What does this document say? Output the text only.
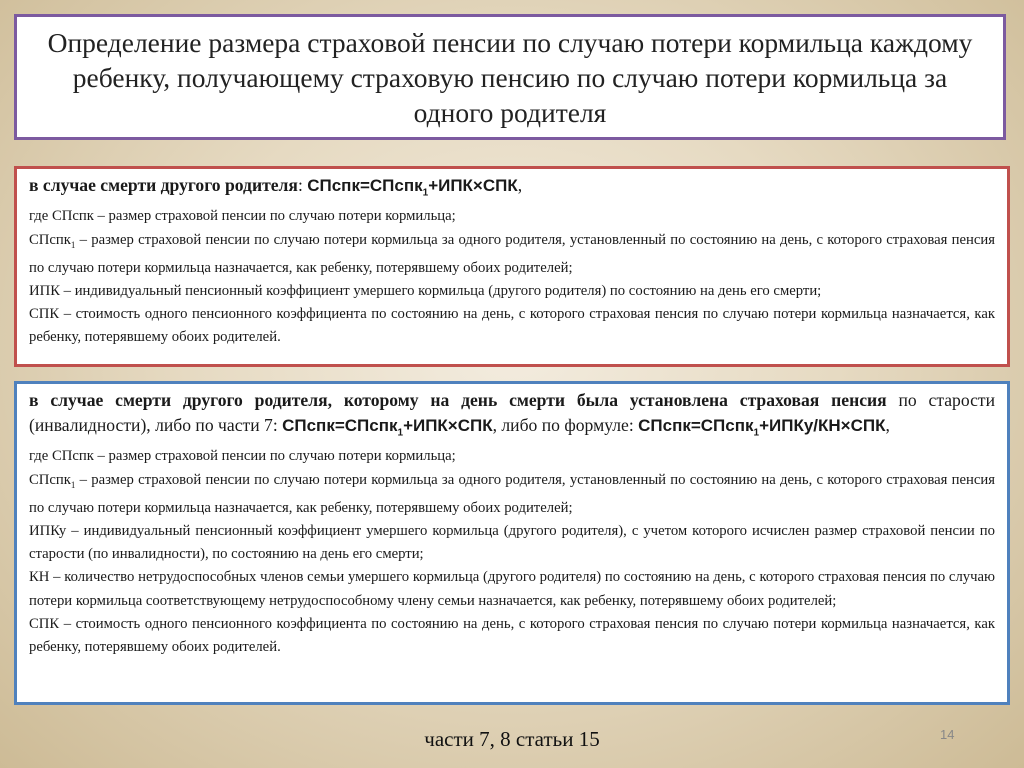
Определение размера страховой пенсии по случаю потери кормильца каждому ребенку, получающему страховую пенсию по случаю потери кормильца за одного родителя

в случае смерти другого родителя: СПспк=СПспк$_1$+ИПК×СПК,

где СПспк – размер страховой пенсии по случаю потери кормильца;

СПспк$_1$ – размер страховой пенсии по случаю потери кормильца за одного родителя, установленный по состоянию на день, с которого страховая пенсия по случаю потери кормильца назначается, как ребенку, потерявшему обоих родителей;

ИПК – индивидуальный пенсионный коэффициент умершего кормильца (другого родителя) по состоянию на день его смерти;

СПК – стоимость одного пенсионного коэффициента по состоянию на день, с которого страховая пенсия по случаю потери кормильца назначается, как ребенку, потерявшему обоих родителей.

в случае смерти другого родителя, которому на день смерти была установлена страховая пенсия по старости (инвалидности), либо по части 7: СПспк=СПспк$_1$+ИПК×СПК, либо по формуле: СПспк=СПспк$_1$+ИПКу/КН×СПК,

где СПспк – размер страховой пенсии по случаю потери кормильца;

СПспк$_1$ – размер страховой пенсии по случаю потери кормильца за одного родителя, установленный по состоянию на день, с которого страховая пенсия по случаю потери кормильца назначается, как ребенку, потерявшему обоих родителей;

ИПКу – индивидуальный пенсионный коэффициент умершего кормильца (другого родителя), с учетом которого исчислен размер страховой пенсии по старости (по инвалидности), по состоянию на день его смерти;

КН – количество нетрудоспособных членов семьи умершего кормильца (другого родителя) по состоянию на день, с которого страховая пенсия по случаю потери кормильца соответствующему нетрудоспособному члену семьи назначается, как ребенку, потерявшему обоих родителей;

СПК – стоимость одного пенсионного коэффициента по состоянию на день, с которого страховая пенсия по случаю потери кормильца назначается, как ребенку, потерявшему обоих родителей.

части 7, 8 статьи 15	14
